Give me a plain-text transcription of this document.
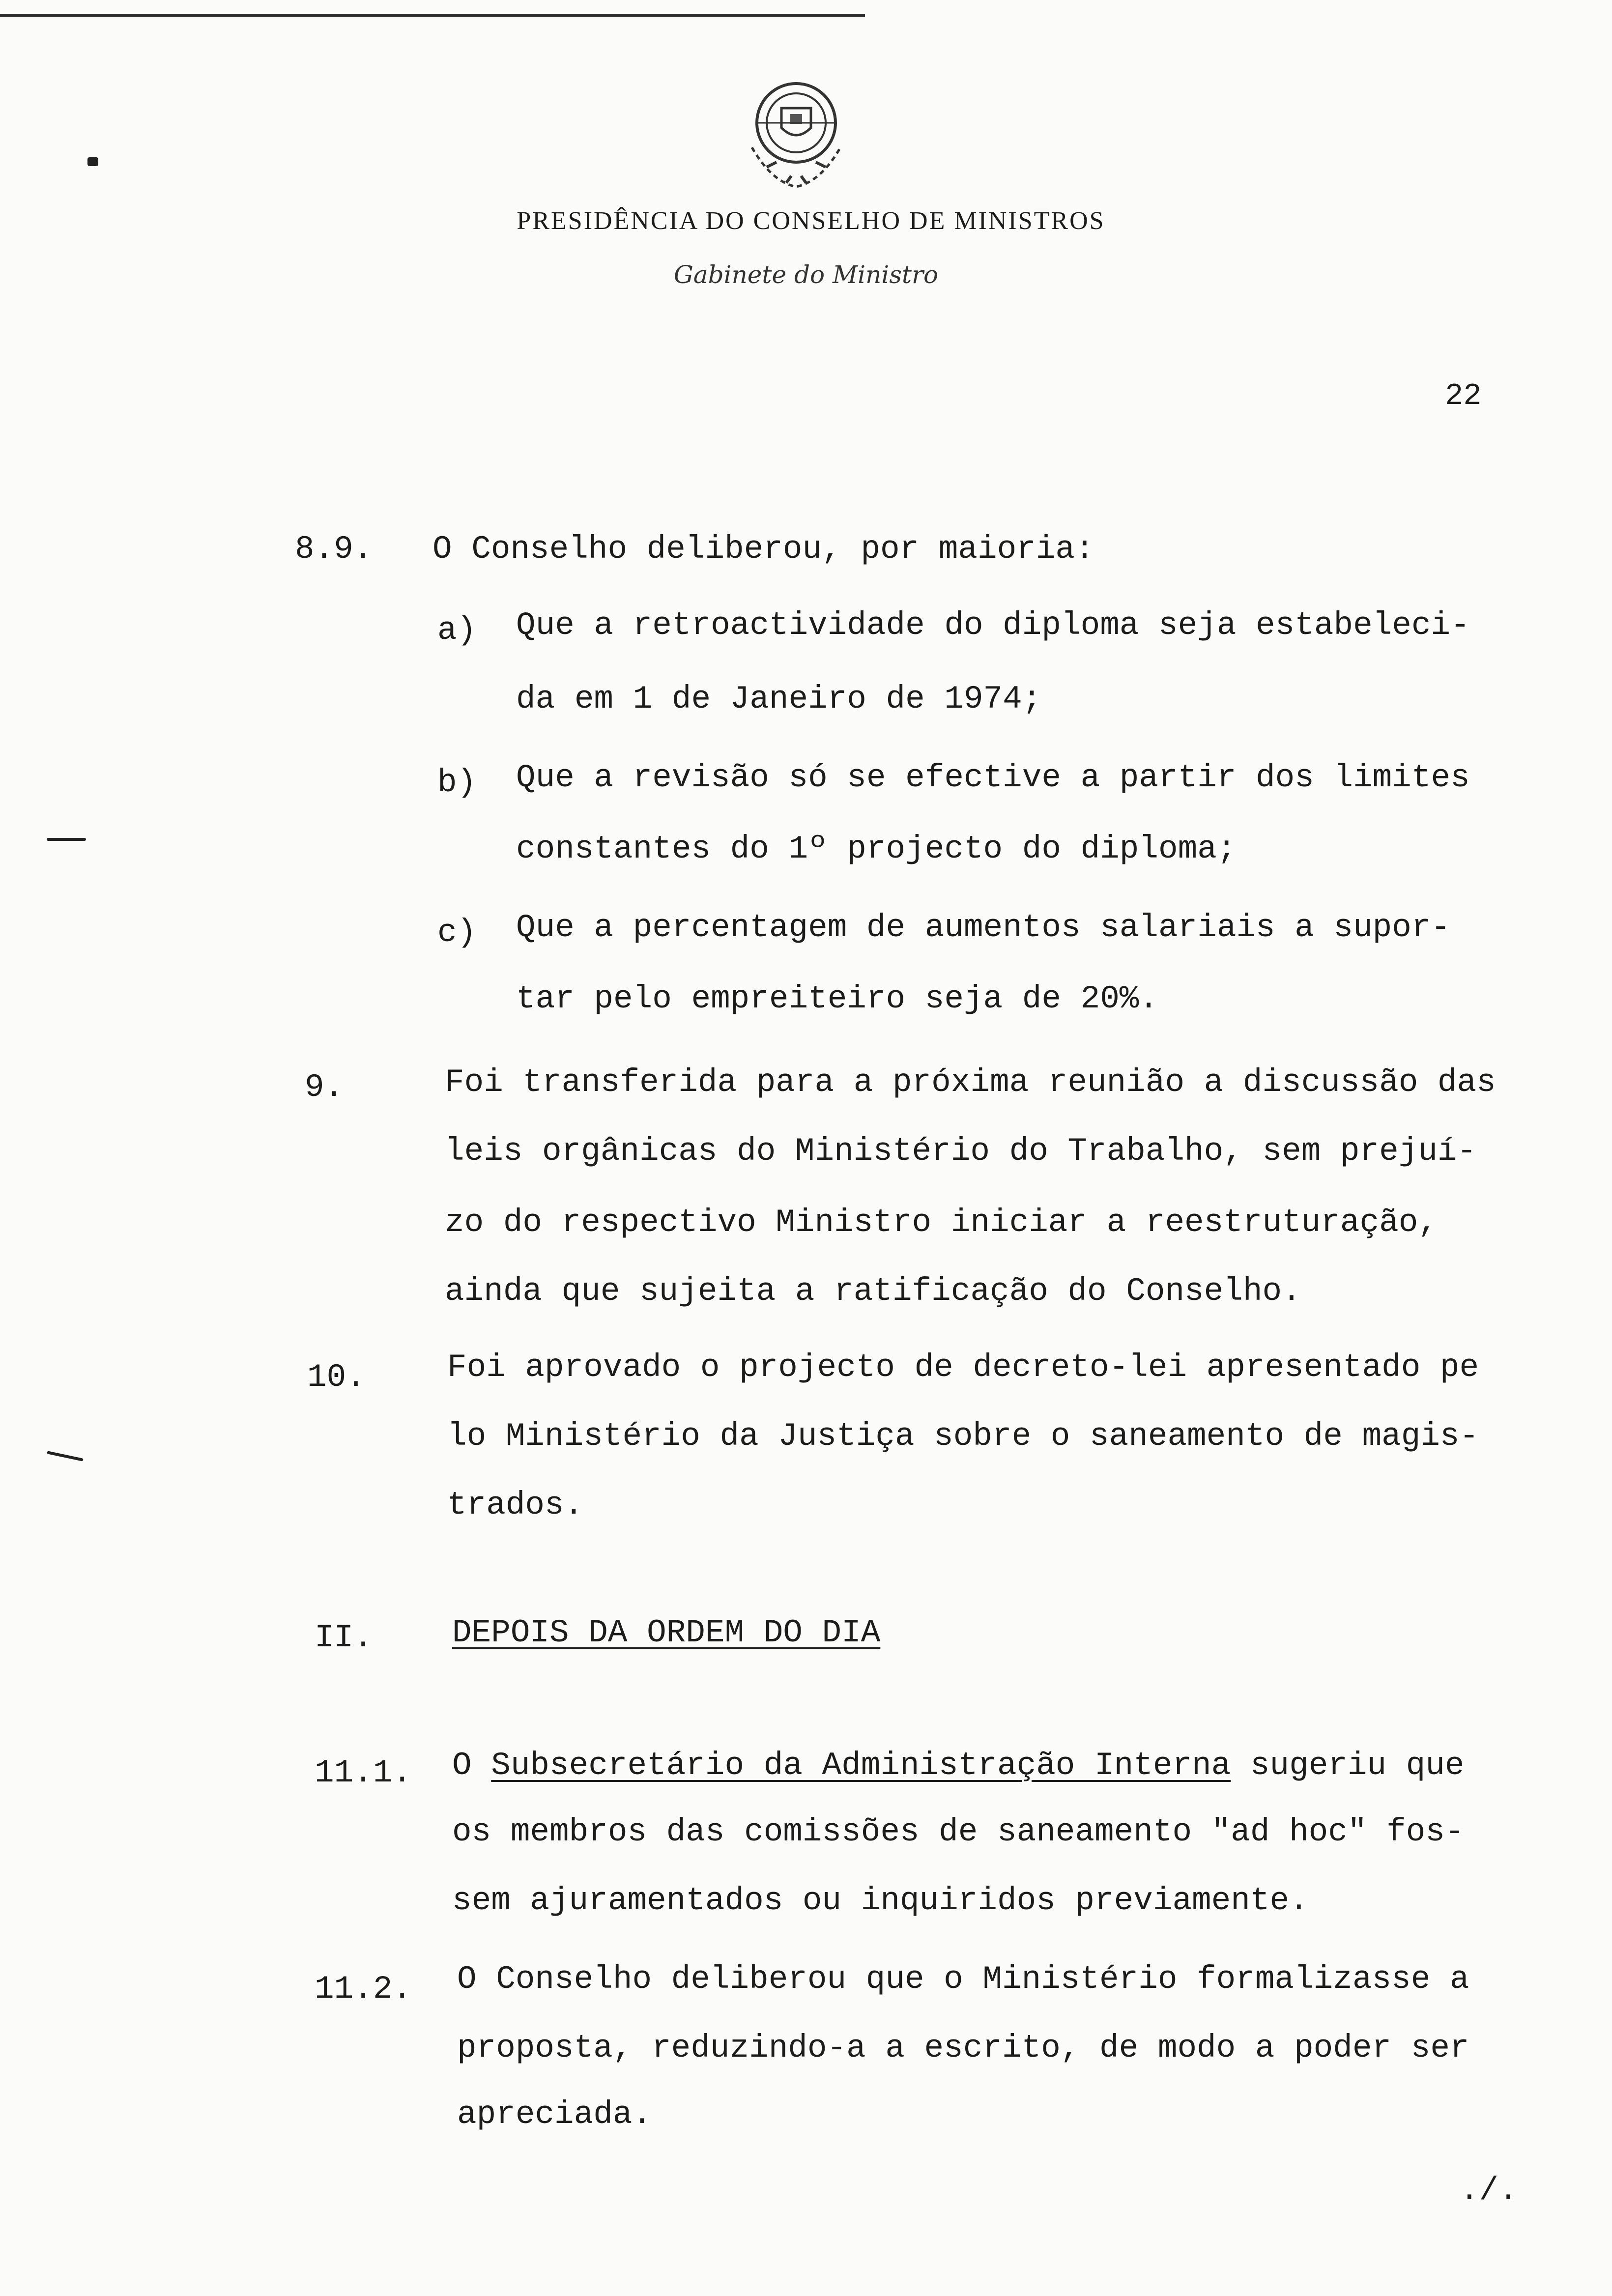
PRESIDÊNCIA DO CONSELHO DE MINISTROS
Gabinete do Ministro
22
8.9. O Conselho deliberou, por maioria:
a) Que a retroactividade do diploma seja estabeleci-
da em 1 de Janeiro de 1974;
b) Que a revisão só se efective a partir dos limites
constantes do 1º projecto do diploma;
c) Que a percentagem de aumentos salariais a supor-
tar pelo empreiteiro seja de 20%.
9.	Foi transferida para a próxima reunião a discussão das
leis orgânicas do Ministério do Trabalho, sem prejuí-
zo do respectivo Ministro iniciar a reestruturação,
ainda que sujeita a ratificação do Conselho.
10.	Foi aprovado o projecto de decreto-lei apresentado pe
lo Ministério da Justiça sobre o saneamento de magis-
trados.
II. DEPOIS DA ORDEM DO DIA
11.1. O Subsecretário da Administração Interna sugeriu que
os membros das comissões de saneamento "ad hoc" fos-
sem ajuramentados ou inquiridos previamente.
11.2. O Conselho deliberou que o Ministério formalizasse a
proposta, reduzindo-a a escrito, de modo a poder ser
apreciada.
./.
